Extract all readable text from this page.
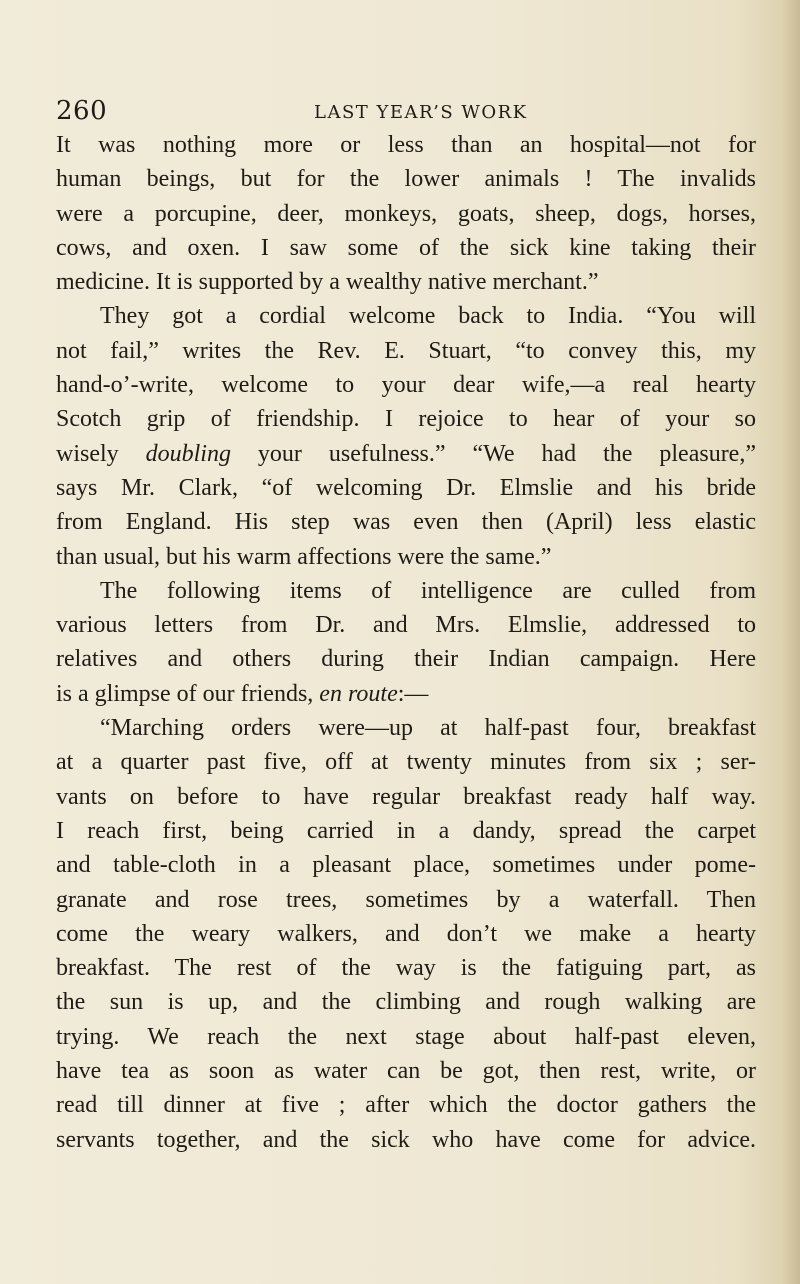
260	LAST YEAR’S WORK
It was nothing more or less than an hospital—not for
human beings, but for the lower animals ! The invalids
were a porcupine, deer, monkeys, goats, sheep, dogs, horses,
cows, and oxen. I saw some of the sick kine taking their
medicine. It is supported by a wealthy native merchant.”
They got a cordial welcome back to India. “You will
not fail,” writes the Rev. E. Stuart, “to convey this, my
hand-o’-write, welcome to your dear wife,—a real hearty
Scotch grip of friendship. I rejoice to hear of your so
wisely doubling your usefulness.” “We had the pleasure,”
says Mr. Clark, “of welcoming Dr. Elmslie and his bride
from England. His step was even then (April) less elastic
than usual, but his warm affections were the same.”
The following items of intelligence are culled from
various letters from Dr. and Mrs. Elmslie, addressed to
relatives and others during their Indian campaign. Here
is a glimpse of our friends, en route:—
“Marching orders were—up at half-past four, breakfast
at a quarter past five, off at twenty minutes from six ; ser-
vants on before to have regular breakfast ready half way.
I reach first, being carried in a dandy, spread the carpet
and table-cloth in a pleasant place, sometimes under pome-
granate and rose trees, sometimes by a waterfall. Then
come the weary walkers, and don’t we make a hearty
breakfast. The rest of the way is the fatiguing part, as
the sun is up, and the climbing and rough walking are
trying. We reach the next stage about half-past eleven,
have tea as soon as water can be got, then rest, write, or
read till dinner at five ; after which the doctor gathers the
servants together, and the sick who have come for advice.
